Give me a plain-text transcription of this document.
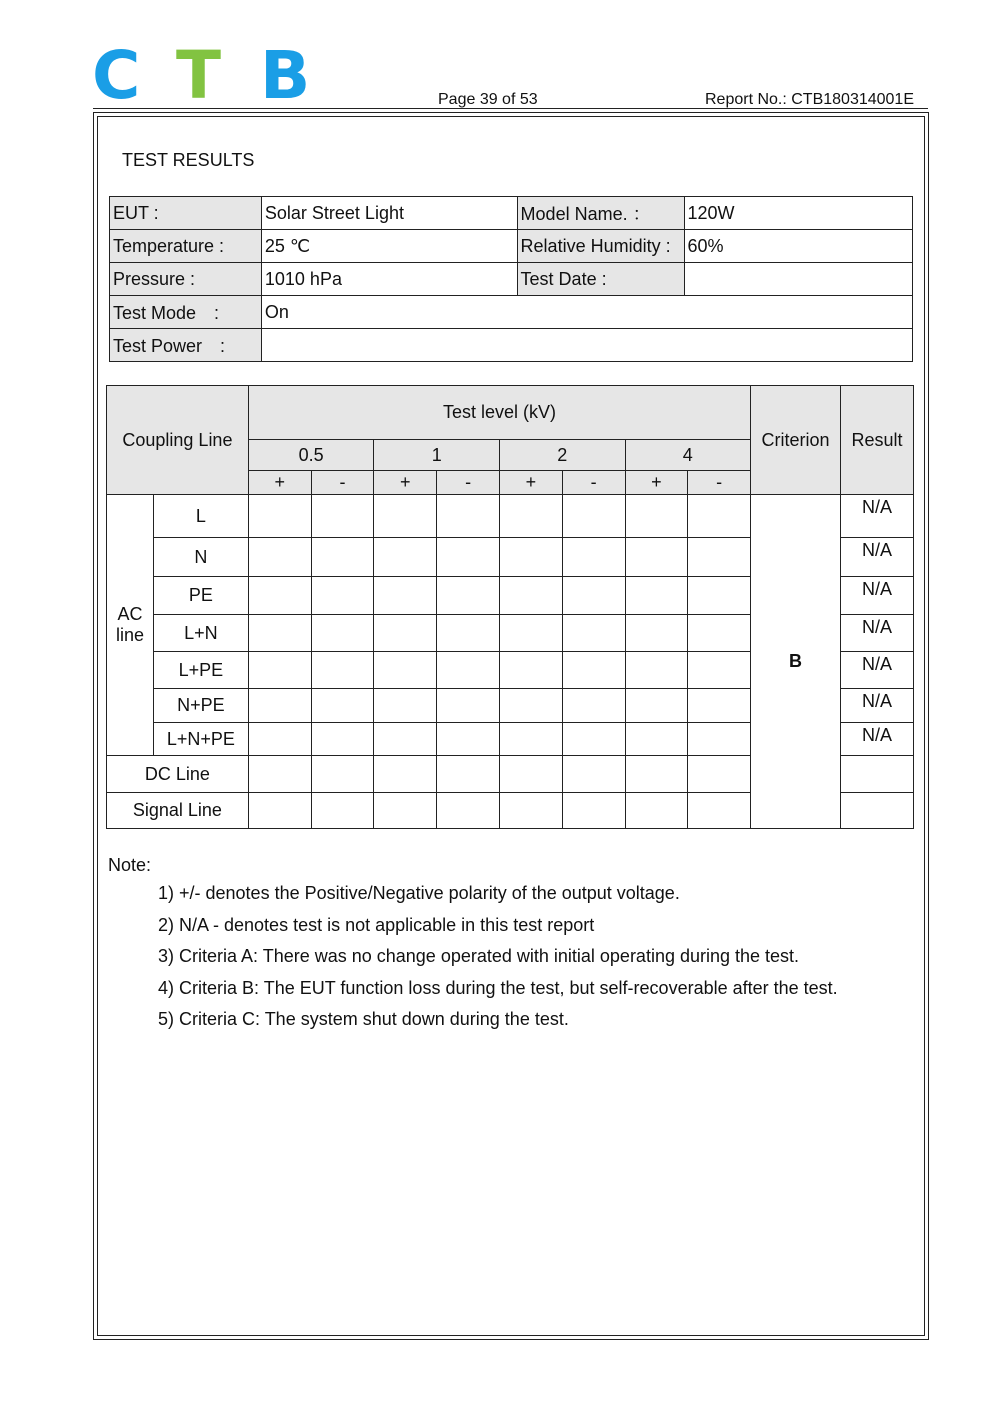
C T B	Page 39 of 53	Report No.: CTB180314001E
TEST RESULTS
EUT :	Solar Street Light	Model Name. ：	120W
Temperature :	25 ℃	Relative Humidity :	60%
Pressure :	1010 hPa	Test Date :	
Test Mode　:	On		
Test Power　:			
Coupling Line		Test level (kV)								Criterion	Result
		0.5		1		2		4			
		+	-	+	-	+	-	+	-		
AC line	L									B	N/A
	N										N/A
	PE										N/A
	L+N										N/A
	L+PE										N/A
	N+PE										N/A
	L+N+PE										N/A
DC Line											
Signal Line											
Note:
1) +/- denotes the Positive/Negative polarity of the output voltage.
2) N/A - denotes test is not applicable in this test report
3) Criteria A: There was no change operated with initial operating during the test.
4) Criteria B: The EUT function loss during the test, but self-recoverable after the test.
5) Criteria C: The system shut down during the test.
